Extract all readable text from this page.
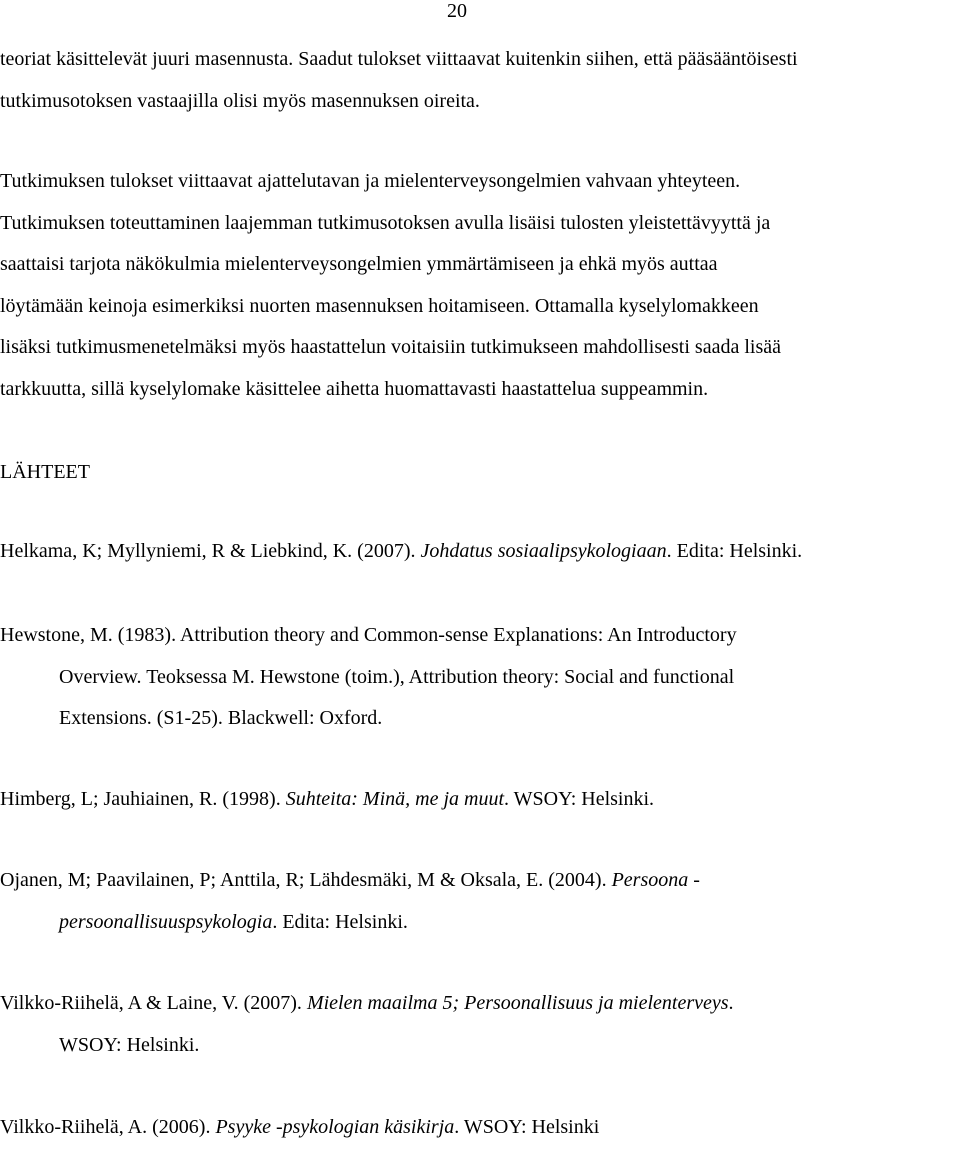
20
teoriat käsittelevät juuri masennusta. Saadut tulokset viittaavat kuitenkin siihen, että pääsääntöisesti
tutkimusotoksen vastaajilla olisi myös masennuksen oireita.
Tutkimuksen tulokset viittaavat ajattelutavan ja mielenterveysongelmien vahvaan yhteyteen.
Tutkimuksen toteuttaminen laajemman tutkimusotoksen avulla lisäisi tulosten yleistettävyyttä ja
saattaisi tarjota näkökulmia mielenterveysongelmien ymmärtämiseen ja ehkä myös auttaa
löytämään keinoja esimerkiksi nuorten masennuksen hoitamiseen. Ottamalla kyselylomakkeen
lisäksi tutkimusmenetelmäksi myös haastattelun voitaisiin tutkimukseen mahdollisesti saada lisää
tarkkuutta, sillä kyselylomake käsittelee aihetta huomattavasti haastattelua suppeammin.
LÄHTEET
Helkama, K; Myllyniemi, R & Liebkind, K. (2007). Johdatus sosiaalipsykologiaan. Edita: Helsinki.
Hewstone, M. (1983). Attribution theory and Common-sense Explanations: An Introductory
Overview. Teoksessa M. Hewstone (toim.), Attribution theory: Social and functional
Extensions. (S1-25). Blackwell: Oxford.
Himberg, L; Jauhiainen, R. (1998). Suhteita: Minä, me ja muut. WSOY: Helsinki.
Ojanen, M; Paavilainen, P; Anttila, R; Lähdesmäki, M & Oksala, E. (2004). Persoona -
persoonallisuuspsykologia. Edita: Helsinki.
Vilkko-Riihelä, A & Laine, V. (2007). Mielen maailma 5; Persoonallisuus ja mielenterveys.
WSOY: Helsinki.
Vilkko-Riihelä, A. (2006). Psyyke -psykologian käsikirja. WSOY: Helsinki
